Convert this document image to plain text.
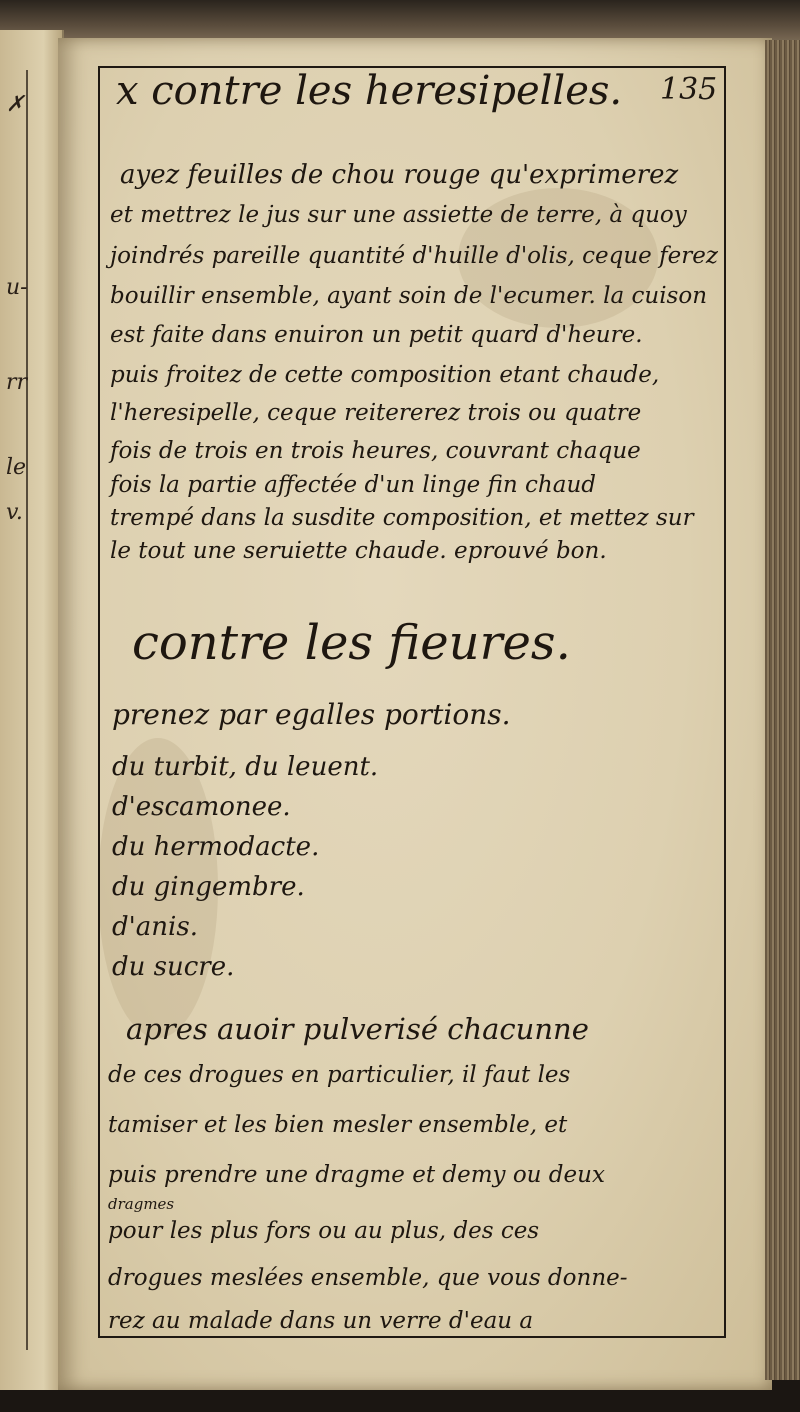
✗
u-
rr
le
v.
x contre les heresipelles. 135
ayez feuilles de chou rouge qu'exprimerez
et mettrez le jus sur une assiette de terre, à quoy
joindrés pareille quantité d'huille d'olis, ceque ferez
bouillir ensemble, ayant soin de l'ecumer. la cuison
est faite dans enuiron un petit quard d'heure.
puis froitez de cette composition etant chaude,
l'heresipelle, ceque reitererez trois ou quatre
fois de trois en trois heures, couvrant chaque
fois la partie affectée d'un linge fin chaud
trempé dans la susdite composition, et mettez sur
le tout une seruiette chaude. eprouvé bon.
contre les fieures.
prenez par egalles portions.
du turbit, du leuent.
d'escamonee.
du hermodacte.
du gingembre.
d'anis.
du sucre.
apres auoir pulverisé chacunne
de ces drogues en particulier, il faut les
tamiser et les bien mesler ensemble, et
puis prendre une dragme et demy ou deux
dragmes
pour les plus fors ou au plus, des ces
drogues meslées ensemble, que vous donne-
rez au malade dans un verre d'eau a
